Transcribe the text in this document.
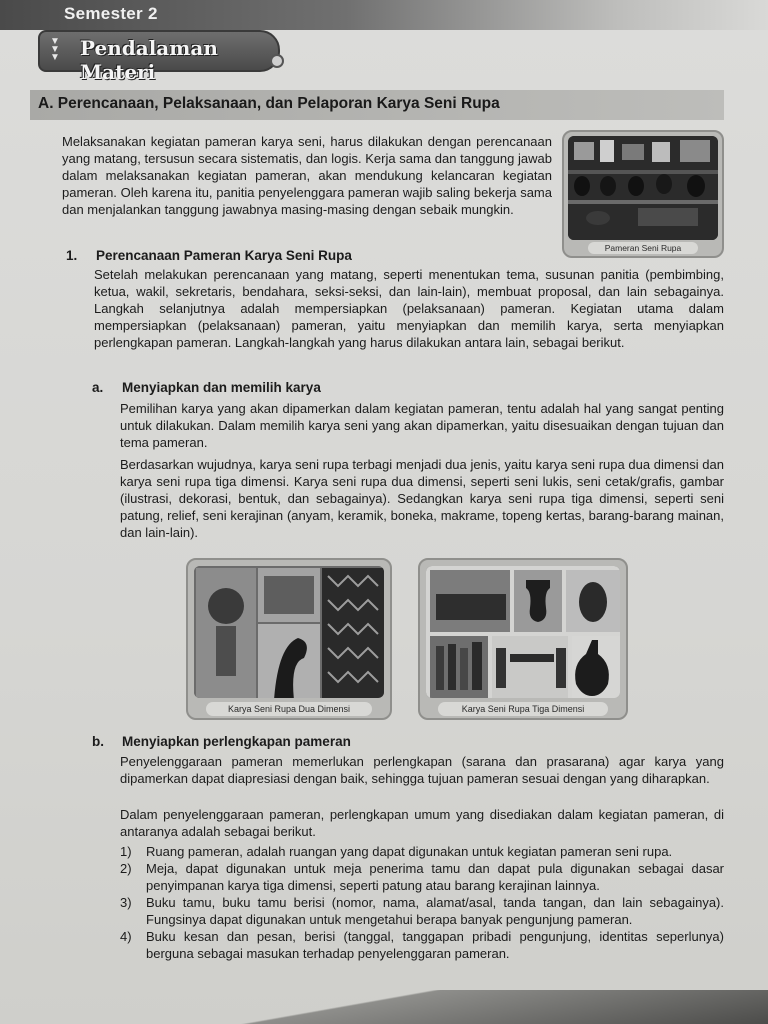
Semester 2
▼
▼
▼ Pendalaman Materi
A. Perencanaan, Pelaksanaan, dan Pelaporan Karya Seni Rupa
Melaksanakan kegiatan pameran karya seni, harus dilakukan dengan perencanaan yang matang, tersusun secara sistematis, dan logis. Kerja sama dan tanggung jawab dalam melaksanakan kegiatan pameran, akan mendukung kelancaran kegiatan pameran. Oleh karena itu, panitia penyelenggara pameran wajib saling bekerja sama dan menjalankan tanggung jawabnya masing-masing dengan sebaik mungkin.
Pameran Seni Rupa
1. Perencanaan Pameran Karya Seni Rupa
Setelah melakukan perencanaan yang matang, seperti menentukan tema, susunan panitia (pembimbing, ketua, wakil, sekretaris, bendahara, seksi-seksi, dan lain-lain), membuat proposal, dan lain sebagainya. Langkah selanjutnya adalah mempersiapkan (pelaksanaan) pameran. Kegiatan utama dalam mempersiapkan (pelaksanaan) pameran, yaitu menyiapkan dan memilih karya, serta menyiapkan perlengkapan pameran. Langkah-langkah yang harus dilakukan antara lain, sebagai berikut.
a. Menyiapkan dan memilih karya
Pemilihan karya yang akan dipamerkan dalam kegiatan pameran, tentu adalah hal yang sangat penting untuk dilakukan. Dalam memilih karya seni yang akan dipamerkan, yaitu disesuaikan dengan tujuan dan tema pameran.
Berdasarkan wujudnya, karya seni rupa terbagi menjadi dua jenis, yaitu karya seni rupa dua dimensi dan karya seni rupa tiga dimensi. Karya seni rupa dua dimensi, seperti seni lukis, seni cetak/grafis, gambar (ilustrasi, dekorasi, bentuk, dan sebagainya). Sedangkan karya seni rupa tiga dimensi, seperti seni patung, relief, seni kerajinan (anyam, keramik, boneka, makrame, topeng kertas, barang-barang mainan, dan lain-lain).
Karya Seni Rupa Dua Dimensi	Karya Seni Rupa Tiga Dimensi
b. Menyiapkan perlengkapan pameran
Penyelenggaraan pameran memerlukan perlengkapan (sarana dan prasarana) agar karya yang dipamerkan dapat diapresiasi dengan baik, sehingga tujuan pameran sesuai dengan yang diharapkan.
Dalam penyelenggaraan pameran, perlengkapan umum yang disediakan dalam kegiatan pameran, di antaranya adalah sebagai berikut.
1) Ruang pameran, adalah ruangan yang dapat digunakan untuk kegiatan pameran seni rupa.
2) Meja, dapat digunakan untuk meja penerima tamu dan dapat pula digunakan sebagai dasar penyimpanan karya tiga dimensi, seperti patung atau barang kerajinan lainnya.
3) Buku tamu, buku tamu berisi (nomor, nama, alamat/asal, tanda tangan, dan lain sebagainya). Fungsinya dapat digunakan untuk mengetahui berapa banyak pengunjung pameran.
4) Buku kesan dan pesan, berisi (tanggal, tanggapan pribadi pengunjung, identitas seperlunya) berguna sebagai masukan terhadap penyelenggaran pameran.
